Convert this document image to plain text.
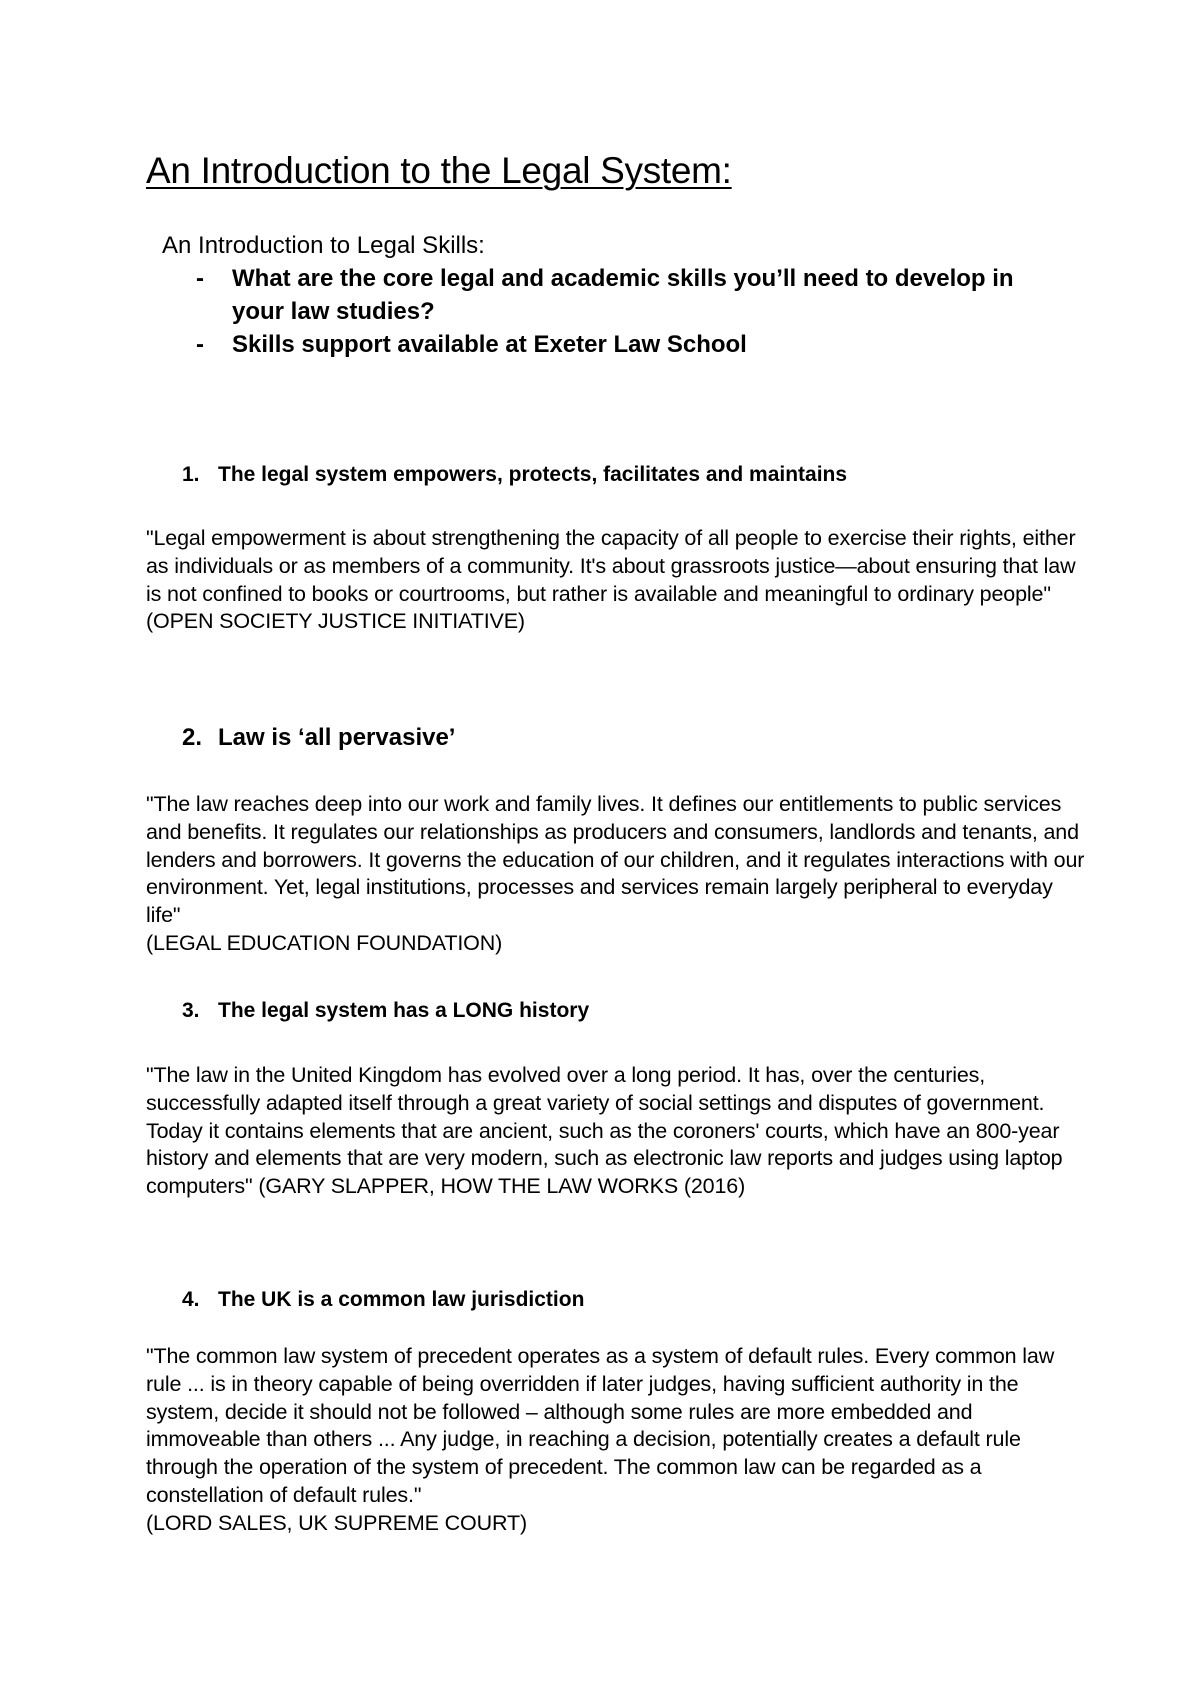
An Introduction to the Legal System:

An Introduction to Legal Skills:

- What are the core legal and academic skills you’ll need to develop in your law studies?
- Skills support available at Exeter Law School
1. The legal system empowers, protects, facilitates and maintains

"Legal empowerment is about strengthening the capacity of all people to exercise their rights, either as individuals or as members of a community. It's about grassroots justice—about ensuring that law is not confined to books or courtrooms, but rather is available and meaningful to ordinary people"
(OPEN SOCIETY JUSTICE INITIATIVE)

2. Law is ‘all pervasive’

"The law reaches deep into our work and family lives. It defines our entitlements to public services and benefits. It regulates our relationships as producers and consumers, landlords and tenants, and lenders and borrowers. It governs the education of our children, and it regulates interactions with our environment. Yet, legal institutions, processes and services remain largely peripheral to everyday life"
(LEGAL EDUCATION FOUNDATION)

3. The legal system has a LONG history

"The law in the United Kingdom has evolved over a long period. It has, over the centuries, successfully adapted itself through a great variety of social settings and disputes of government. Today it contains elements that are ancient, such as the coroners' courts, which have an 800-year history and elements that are very modern, such as electronic law reports and judges using laptop computers" (GARY SLAPPER, HOW THE LAW WORKS (2016)

4. The UK is a common law jurisdiction

"The common law system of precedent operates as a system of default rules. Every common law rule ... is in theory capable of being overridden if later judges, having sufficient authority in the system, decide it should not be followed – although some rules are more embedded and immoveable than others ... Any judge, in reaching a decision, potentially creates a default rule through the operation of the system of precedent. The common law can be regarded as a constellation of default rules."
(LORD SALES, UK SUPREME COURT)
